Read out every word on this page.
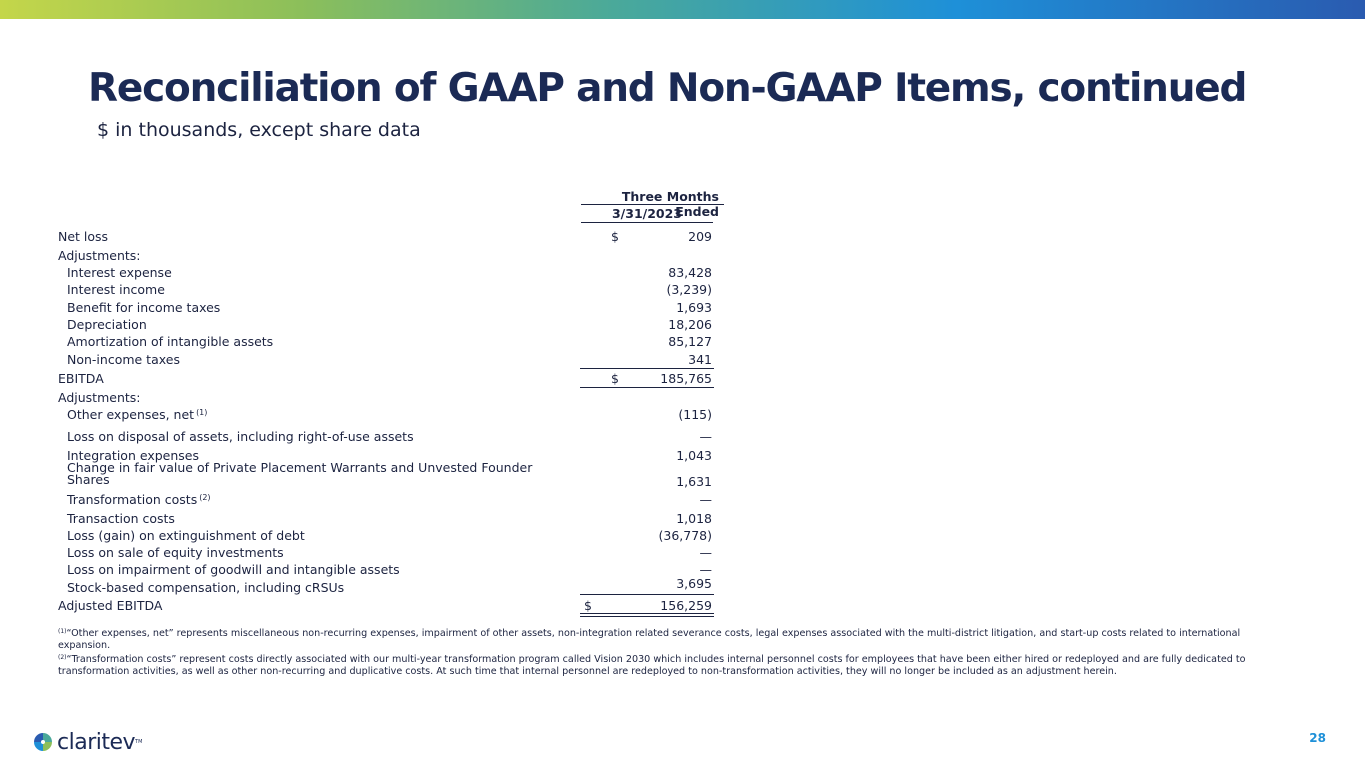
Reconciliation of GAAP and Non-GAAP Items, continued

$ in thousands, except share data

Three Months Ended
3/31/2023
Net loss	$	209
Adjustments:
Interest expense	83,428
Interest income	(3,239)
Benefit for income taxes	1,693
Depreciation	18,206
Amortization of intangible assets	85,127
Non-income taxes	341
EBITDA	$	185,765
Adjustments:
Other expenses, net $^{(1)}$	(115)
Loss on disposal of assets, including right-of-use assets	—
Integration expenses	1,043
Change in fair value of Private Placement Warrants and Unvested Founder
Shares	1,631
Transformation costs $^{(2)}$	—
Transaction costs	1,018
Loss (gain) on extinguishment of debt	(36,778)
Loss on sale of equity investments	—
Loss on impairment of goodwill and intangible assets	—
Stock-based compensation, including cRSUs	3,695
Adjusted EBITDA	$	156,259

$^{(1)}$“Other expenses, net” represents miscellaneous non-recurring expenses, impairment of other assets, non-integration related severance costs, legal expenses associated with the multi-district litigation, and start-up costs related to international expansion.

$^{(2)}$“Transformation costs” represent costs directly associated with our multi-year transformation program called Vision 2030 which includes internal personnel costs for employees that have been either hired or redeployed and are fully dedicated to transformation activities, as well as other non-recurring and duplicative costs. At such time that internal personnel are redeployed to non-transformation activities, they will no longer be included as an adjustment herein.

claritev TM	28
